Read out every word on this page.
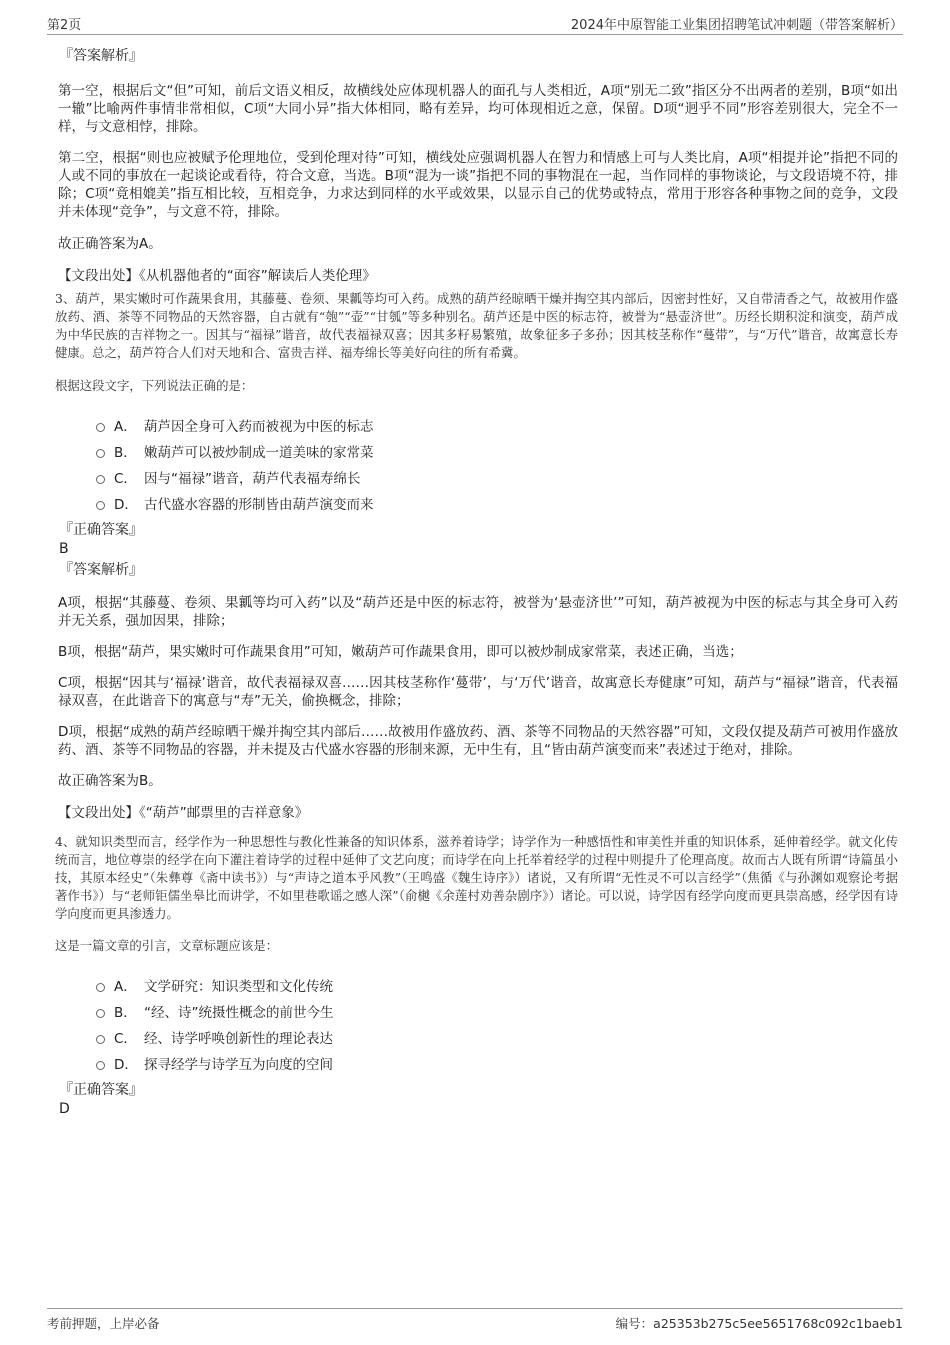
第2页	2024年中原智能工业集团招聘笔试冲刺题（带答案解析）
『答案解析』

第一空，根据后文“但”可知，前后文语义相反，故横线处应体现机器人的面孔与人类相近，A项“别无二致”指区分不出两者的差别，B项“如出一辙”比喻两件事情非常相似，C项“大同小异”指大体相同，略有差异，均可体现相近之意，保留。D项“迥乎不同”形容差别很大，完全不一样，与文意相悖，排除。

第二空，根据“则也应被赋予伦理地位，受到伦理对待”可知，横线处应强调机器人在智力和情感上可与人类比肩，A项“相提并论”指把不同的人或不同的事放在一起谈论或看待，符合文意，当选。B项“混为一谈”指把不同的事物混在一起，当作同样的事物谈论，与文段语境不符，排除；C项“竟相媲美”指互相比较，互相竞争，力求达到同样的水平或效果，以显示自己的优势或特点，常用于形容各种事物之间的竞争，文段并未体现“竞争”，与文意不符，排除。

故正确答案为A。

【文段出处】《从机器他者的“面容”解读后人类伦理》

3、葫芦，果实嫩时可作蔬果食用，其藤蔓、卷须、果瓤等均可入药。成熟的葫芦经晾晒干燥并掏空其内部后，因密封性好，又自带清香之气，故被用作盛放药、酒、茶等不同物品的天然容器，自古就有“匏”“壶”“甘瓠”等多种别名。葫芦还是中医的标志符，被誉为“悬壶济世”。历经长期积淀和演变，葫芦成为中华民族的吉祥物之一。因其与“福禄”谐音，故代表福禄双喜；因其多籽易繁殖，故象征多子多孙；因其枝茎称作“蔓带”，与“万代”谐音，故寓意长寿健康。总之，葫芦符合人们对天地和合、富贵吉祥、福寿绵长等美好向往的所有希冀。

根据这段文字，下列说法正确的是：

A． 葫芦因全身可入药而被视为中医的标志
B． 嫩葫芦可以被炒制成一道美味的家常菜
C． 因与“福禄”谐音，葫芦代表福寿绵长
D． 古代盛水容器的形制皆由葫芦演变而来
『正确答案』
B
『答案解析』

A项，根据“其藤蔓、卷须、果瓤等均可入药”以及“葫芦还是中医的标志符，被誉为‘悬壶济世’”可知，葫芦被视为中医的标志与其全身可入药并无关系，强加因果，排除；

B项，根据“葫芦，果实嫩时可作蔬果食用”可知，嫩葫芦可作蔬果食用，即可以被炒制成家常菜，表述正确，当选；

C项，根据“因其与‘福禄’谐音，故代表福禄双喜……因其枝茎称作‘蔓带’，与‘万代’谐音，故寓意长寿健康”可知，葫芦与“福禄”谐音，代表福禄双喜，在此谐音下的寓意与“寿”无关，偷换概念，排除；

D项，根据“成熟的葫芦经晾晒干燥并掏空其内部后……故被用作盛放药、酒、茶等不同物品的天然容器”可知，文段仅提及葫芦可被用作盛放药、酒、茶等不同物品的容器，并未提及古代盛水容器的形制来源，无中生有，且“皆由葫芦演变而来”表述过于绝对，排除。

故正确答案为B。

【文段出处】《“葫芦”邮票里的吉祥意象》

4、就知识类型而言，经学作为一种思想性与教化性兼备的知识体系，滋养着诗学；诗学作为一种感悟性和审美性并重的知识体系，延伸着经学。就文化传统而言，地位尊崇的经学在向下灌注着诗学的过程中延伸了文艺向度；而诗学在向上托举着经学的过程中则提升了伦理高度。故而古人既有所谓“诗篇虽小技，其原本经史”（朱彝尊《斋中读书》）与“声诗之道本乎风教”（王鸣盛《魏生诗序》）诸说，又有所谓“无性灵不可以言经学”（焦循《与孙渊如观察论考据著作书》）与“老师钜儒坐皋比而讲学，不如里巷歌谣之感人深”（俞樾《余莲村劝善杂剧序》）诸论。可以说，诗学因有经学向度而更具崇高感，经学因有诗学向度而更具渗透力。

这是一篇文章的引言，文章标题应该是：

A． 文学研究：知识类型和文化传统
B． “经、诗”统摄性概念的前世今生
C． 经、诗学呼唤创新性的理论表达
D． 探寻经学与诗学互为向度的空间
『正确答案』
D
考前押题，上岸必备	编号：a25353b275c5ee5651768c092c1baeb1
